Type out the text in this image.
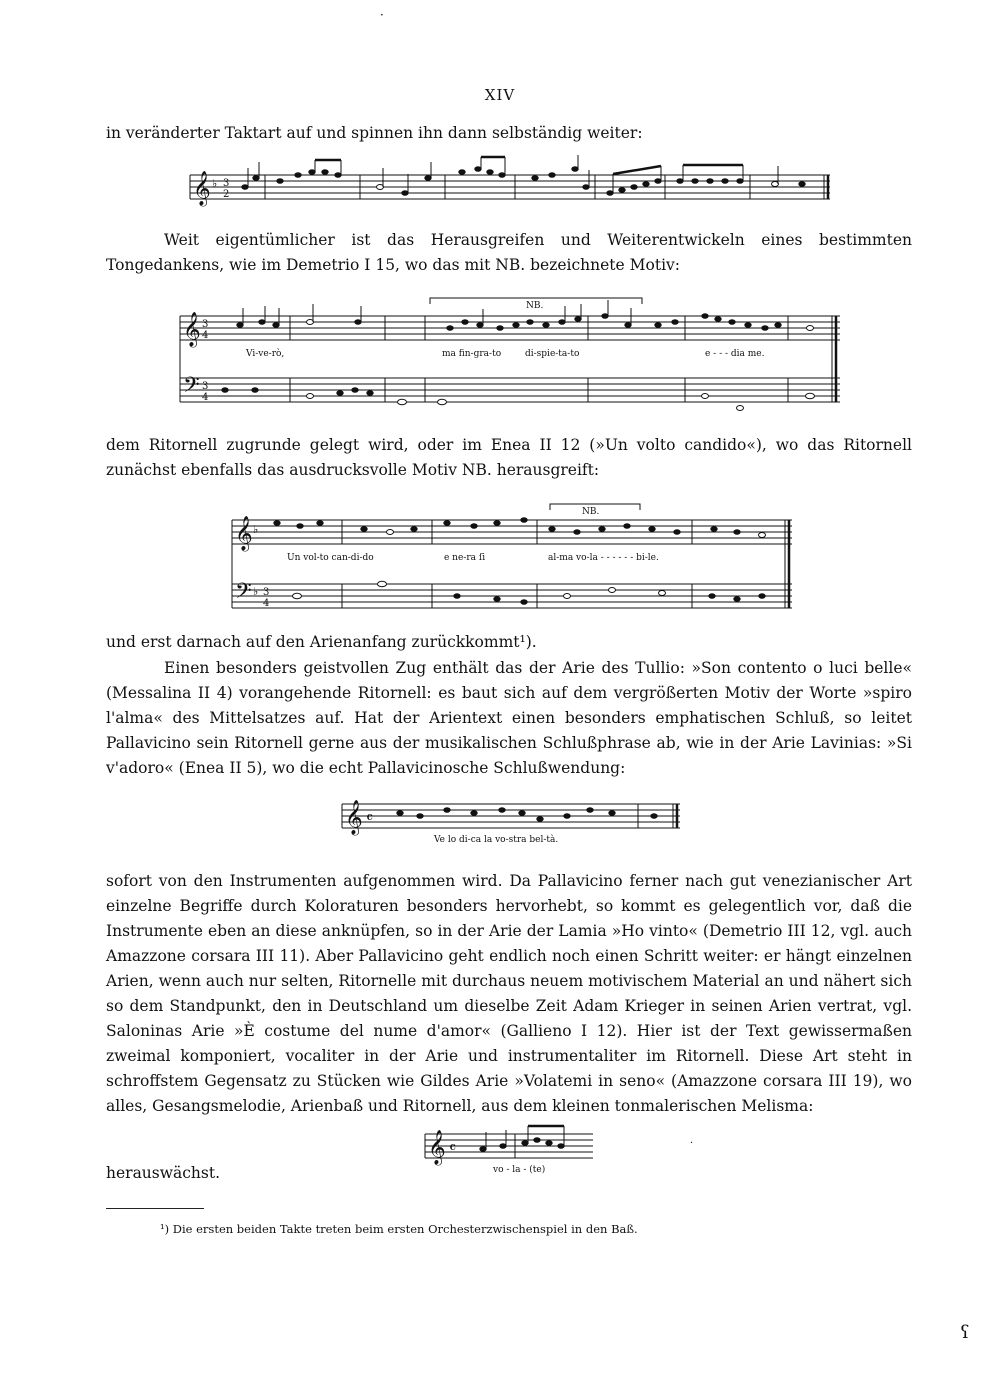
·
XIV
in veränderter Taktart auf und spinnen ihn dann selbständig weiter:
𝄞 ♭ 3
2
Weit eigentümlicher ist das Herausgreifen und Weiterentwickeln eines bestimmten Tongedankens, wie im Demetrio I 15, wo das mit NB. bezeichnete Motiv:
NB.
𝄞
𝄢
3
4
3
4
Vi-ve-rò,	ma fin-gra-to	di-spie-ta-to	e - - - dia me.
dem Ritornell zugrunde gelegt wird, oder im Enea II 12 (»Un volto candido«), wo das Ritornell zunächst ebenfalls das ausdrucksvolle Motiv NB. herausgreift:
NB.
𝄞
𝄢
♭
♭ 3
4
Un vol-to can-di-do	e ne-ra ſi	al-ma vo-la - - - - - - bi-le.
und erst darnach auf den Arienanfang zurückkommt¹).
Einen besonders geistvollen Zug enthält das der Arie des Tullio: »Son contento o luci belle« (Messalina II 4) vorangehende Ritornell: es baut sich auf dem vergrößerten Motiv der Worte »spiro l'alma« des Mittelsatzes auf. Hat der Arientext einen besonders emphatischen Schluß, so leitet Pallavicino sein Ritornell gerne aus der musikalischen Schlußphrase ab, wie in der Arie Lavinias: »Si v'adoro« (Enea II 5), wo die echt Pallavicinosche Schlußwendung:
𝄞 𝄴
Ve lo di-ca la vo-stra bel-tà.
sofort von den Instrumenten aufgenommen wird. Da Pallavicino ferner nach gut venezianischer Art einzelne Begriffe durch Koloraturen besonders hervorhebt, so kommt es gelegentlich vor, daß die Instrumente eben an diese anknüpfen, so in der Arie der Lamia »Ho vinto« (Demetrio III 12, vgl. auch Amazzone corsara III 11). Aber Pallavicino geht endlich noch einen Schritt weiter: er hängt einzelnen Arien, wenn auch nur selten, Ritornelle mit durchaus neuem motivischem Material an und nähert sich so dem Standpunkt, den in Deutschland um dieselbe Zeit Adam Krieger in seinen Arien vertrat, vgl. Saloninas Arie »È costume del nume d'amor« (Gallieno I 12). Hier ist der Text gewissermaßen zweimal komponiert, vocaliter in der Arie und instrumentaliter im Ritornell. Diese Art steht in schroffstem Gegensatz zu Stücken wie Gildes Arie »Volatemi in seno« (Amazzone corsara III 19), wo alles, Gesangsmelodie, Arienbaß und Ritornell, aus dem kleinen tonmalerischen Melisma:
𝄞 𝄴
vo - la - (te)
·
herauswächst.
¹) Die ersten beiden Takte treten beim ersten Orchesterzwischenspiel in den Baß.
ʕ
